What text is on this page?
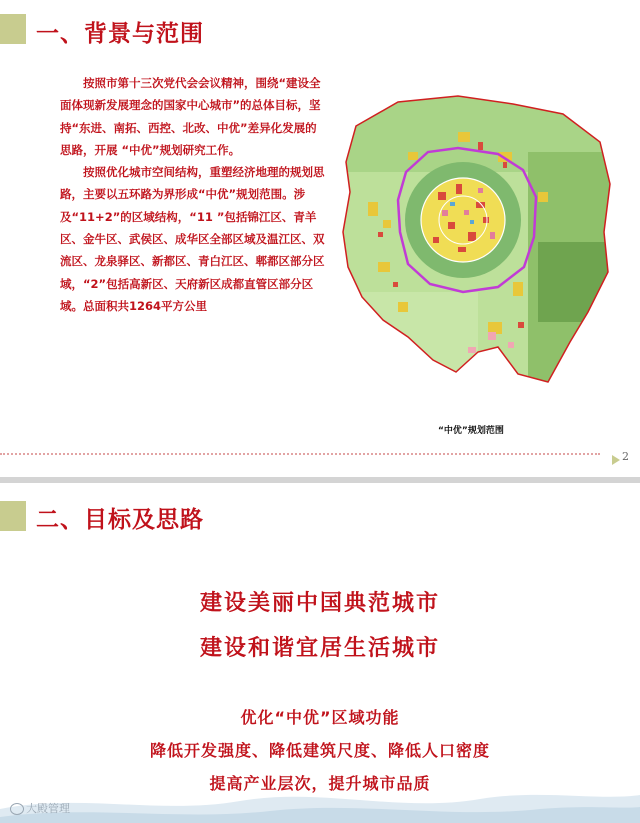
一、背景与范围

按照市第十三次党代会会议精神，围绕“建设全面体现新发展理念的国家中心城市”的总体目标，坚持“东进、南拓、西控、北改、中优”差异化发展的思路，开展 “中优”规划研究工作。

按照优化城市空间结构，重塑经济地理的规划思路，主要以五环路为界形成“中优”规划范围。涉及“11+2”的区域结构，“11 ”包括锦江区、青羊区、金牛区、武侯区、成华区全部区域及温江区、双流区、龙泉驿区、新都区、青白江区、郫都区部分区域，“2”包括高新区、天府新区成都直管区部分区域。总面积共1264平方公里

“中优”规划范围
2
二、目标及思路
建设美丽中国典范城市
建设和谐宜居生活城市
优化“中优”区域功能
降低开发强度、降低建筑尺度、降低人口密度
提高产业层次，提升城市品质
大殿管理
